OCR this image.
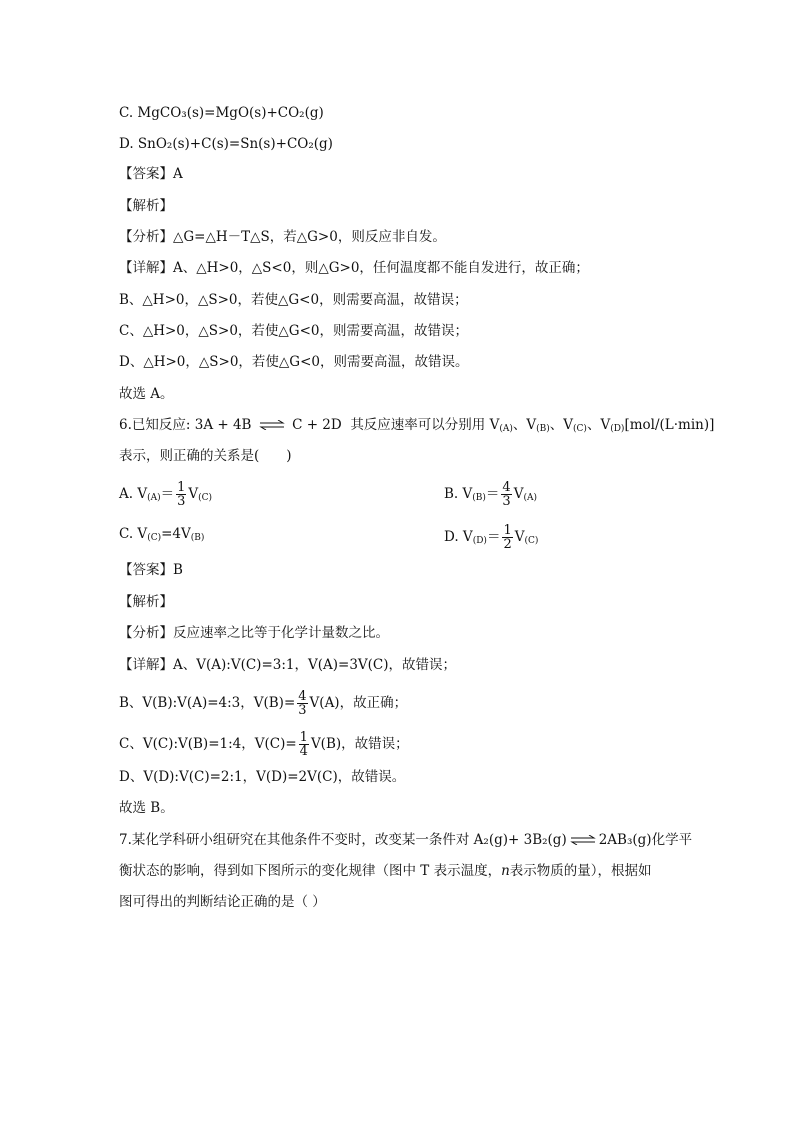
C. MgCO₃(s)=MgO(s)+CO₂(g)
D. SnO₂(s)+C(s)=Sn(s)+CO₂(g)
【答案】A
【解析】
【分析】△G=△H－T△S，若△G>0，则反应非自发。
【详解】A、△H>0，△S<0，则△G>0，任何温度都不能自发进行，故正确；
B、△H>0，△S>0，若使△G<0，则需要高温，故错误；
C、△H>0，△S>0，若使△G<0，则需要高温，故错误；
D、△H>0，△S>0，若使△G<0，则需要高温，故错误。
故选 A。
6.已知反应: 3A + 4B ⇌ C + 2D 其反应速率可以分别用 $V_{(A)}$、$V_{(B)}$、$V_{(C)}$、$V_{(D)}[mol/(L\cdot\min)]$
表示，则正确的关系是(　　)
A. $V_{(A)}= \frac{1}{3} V_{(C)}$	B. $V_{(B)}= \frac{4}{3} V_{(A)}$
C. $V_{(C)}=4V_{(B)}$	D. $V_{(D)}= \frac{1}{2} V_{(C)}$
【答案】B
【解析】
【分析】反应速率之比等于化学计量数之比。
【详解】A、V(A):V(C)=3:1，V(A)=3V(C)，故错误；
B、V(B):V(A)=4:3，$V(B)= \frac{4}{3} V(A)$，故正确；
C、V(C):V(B)=1:4，$V(C)= \frac{1}{4} V(B)$，故错误；
D、V(D):V(C)=2:1，V(D)=2V(C)，故错误。
故选 B。
7.某化学科研小组研究在其他条件不变时，改变某一条件对 A₂(g)+ 3B₂(g) ⇌ 2AB₃(g)化学平
衡状态的影响，得到如下图所示的变化规律（图中 T 表示温度，n表示物质的量），根据如
图可得出的判断结论正确的是（ ）
